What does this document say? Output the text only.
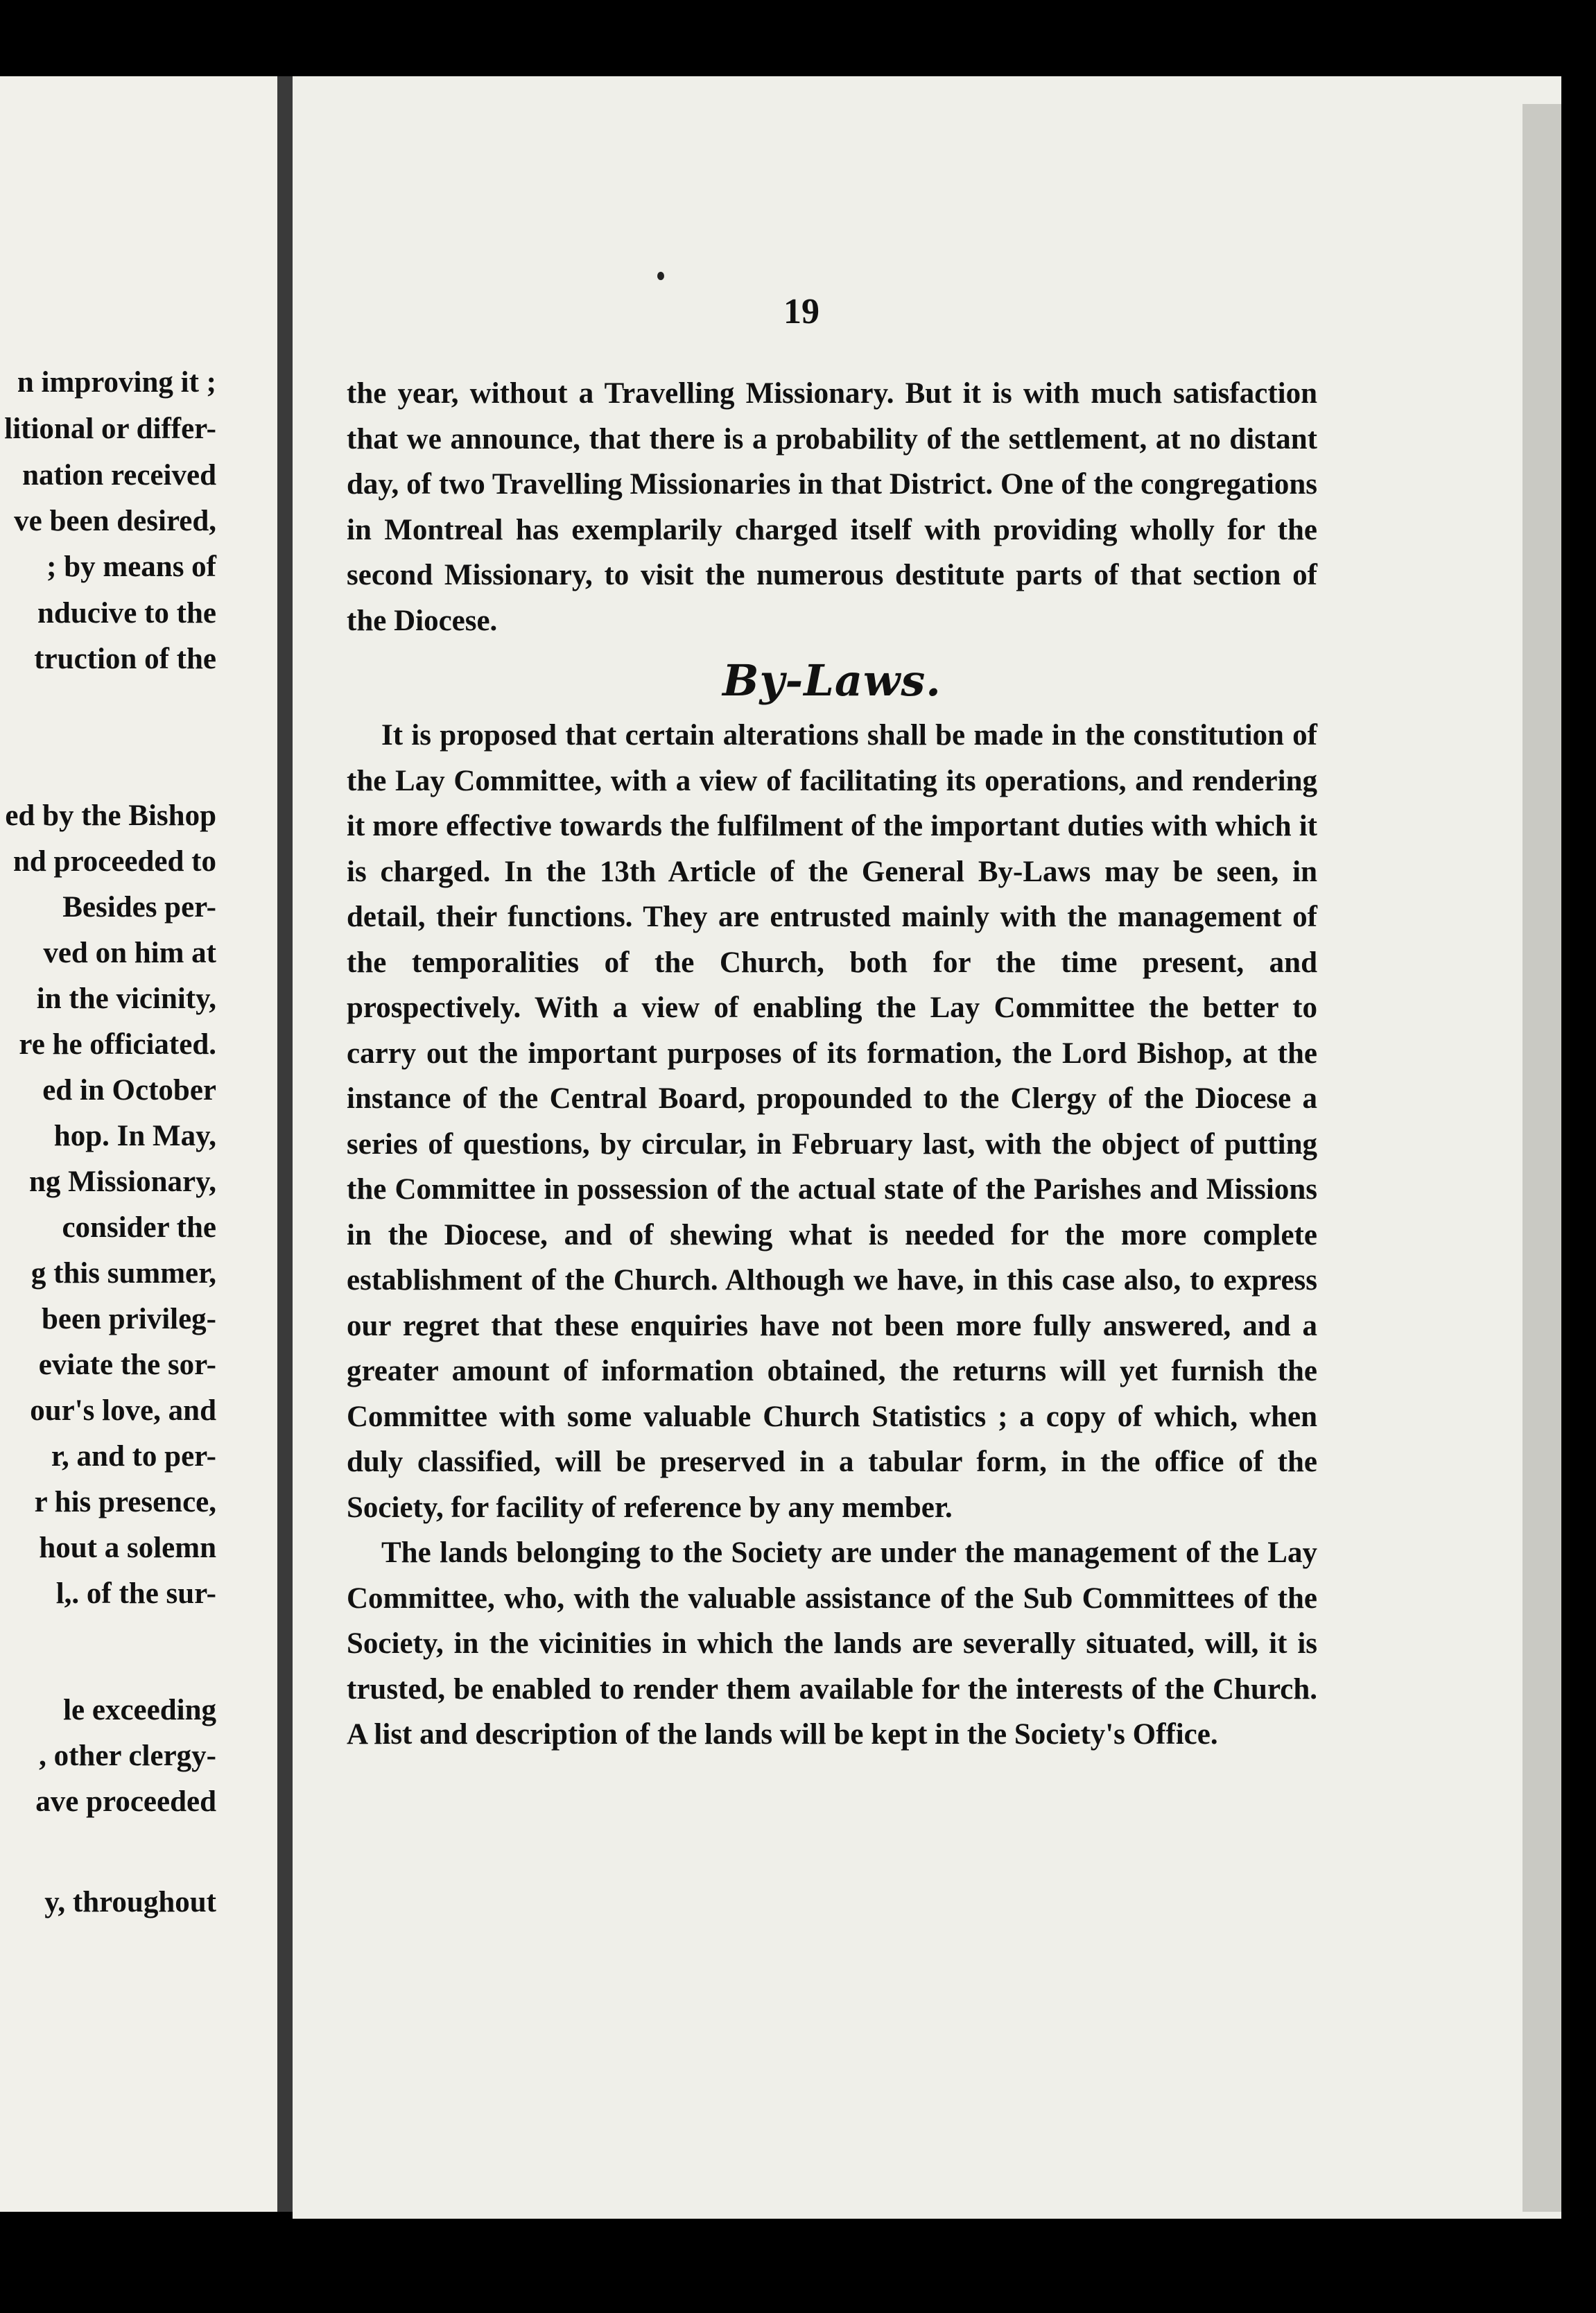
n improving it ;
litional or differ-
nation received
ve been desired,
; by means of
nducive to the
truction of the
ed by the Bishop
nd proceeded to
Besides per-
ved on him at
in the vicinity,
re he officiated.
ed in October
hop. In May,
ng Missionary,
consider the
g this summer,
been privileg-
eviate the sor-
our's love, and
r, and to per-
r his presence,
hout a solemn
l,. of the sur-
le exceeding
, other clergy-
ave proceeded
y, throughout
19

the year, without a Travelling Missionary. But it is with much satisfaction that we announce, that there is a probability of the settlement, at no distant day, of two Travelling Missionaries in that District. One of the congregations in Montreal has exemplarily charged itself with providing wholly for the second Missionary, to visit the numerous destitute parts of that section of the Diocese.

By-Laws.

It is proposed that certain alterations shall be made in the constitution of the Lay Committee, with a view of facilitating its operations, and rendering it more effective towards the fulfilment of the important duties with which it is charged. In the 13th Article of the General By-Laws may be seen, in detail, their functions. They are entrusted mainly with the management of the temporalities of the Church, both for the time present, and prospectively. With a view of enabling the Lay Committee the better to carry out the important purposes of its formation, the Lord Bishop, at the instance of the Central Board, propounded to the Clergy of the Diocese a series of questions, by circular, in February last, with the object of putting the Committee in possession of the actual state of the Parishes and Missions in the Diocese, and of shewing what is needed for the more complete establishment of the Church. Although we have, in this case also, to express our regret that these enquiries have not been more fully answered, and a greater amount of information obtained, the returns will yet furnish the Committee with some valuable Church Statistics ; a copy of which, when duly classified, will be preserved in a tabular form, in the office of the Society, for facility of reference by any member.

The lands belonging to the Society are under the management of the Lay Committee, who, with the valuable assistance of the Sub Committees of the Society, in the vicinities in which the lands are severally situated, will, it is trusted, be enabled to render them available for the interests of the Church. A list and description of the lands will be kept in the Society's Office.
